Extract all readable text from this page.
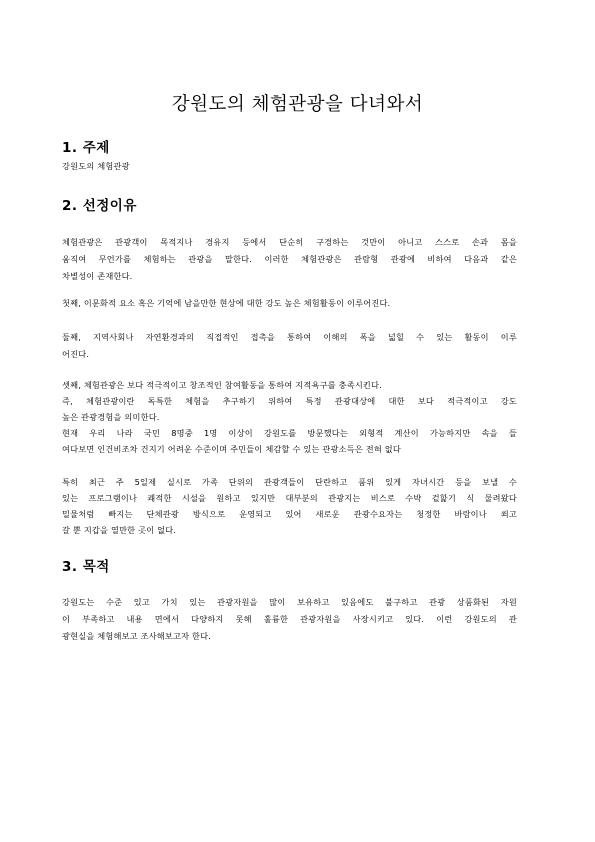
강원도의 체험관광을 다녀와서
1. 주제
강원도의 체험관광
2. 선정이유
체험관광은 관광객이 목적지나 경유지 등에서 단순히 구경하는 것만이 아니고 스스로 손과 몸을
움직여 무언가를 체험하는 관광을 말한다. 이러한 체험관광은 관람형 관광에 비하여 다음과 같은
차별성이 존재한다.
첫째, 이문화적 요소 혹은 기억에 남을만한 현상에 대한 강도 높은 체험활동이 이루어진다.
둘째, 지역사회나 자연환경과의 직접적인 접촉을 통하여 이해의 폭을 넓힐 수 있는 활동이 이루
어진다.
셋째, 체험관광은 보다 적극적이고 창조적인 참여활동을 통하여 지적욕구를 충족시킨다.
즉, 체험관광이란 독특한 체험을 추구하기 위하여 특정 관광대상에 대한 보다 적극적이고 강도
높은 관광경험을 의미한다.
현재 우리 나라 국민 8명중 1명 이상이 강원도를 방문했다는 외형적 계산이 가능하지만 속을 들
여다보면 인건비조차 건지기 어려운 수준이며 주민들이 체감할 수 있는 관광소득은 전혀 없다
특히 최근 주 5일제 실시로 가족 단위의 관광객들이 단란하고 품위 있게 자녀시간 등을 보낼 수
있는 프로그램이나 쾌적한 시설을 원하고 있지만 대부분의 관광지는 비스로 수박 겉핥기 식 물려왔다
밀물처럼 빠지는 단체관광 방식으로 운영되고 있어 새로운 관광수요자는 청정한 바람이나 쐬고
갈 뿐 지갑을 열만한 곳이 없다.
3. 목적
강원도는 수준 있고 가치 있는 관광자원을 많이 보유하고 있음에도 불구하고 관광 상품화된 자원
이 부족하고 내용 면에서 다양하지 못해 훌륭한 관광자원을 사장시키고 있다. 이런 강원도의 관
광현실을 체험해보고 조사해보고자 한다.
